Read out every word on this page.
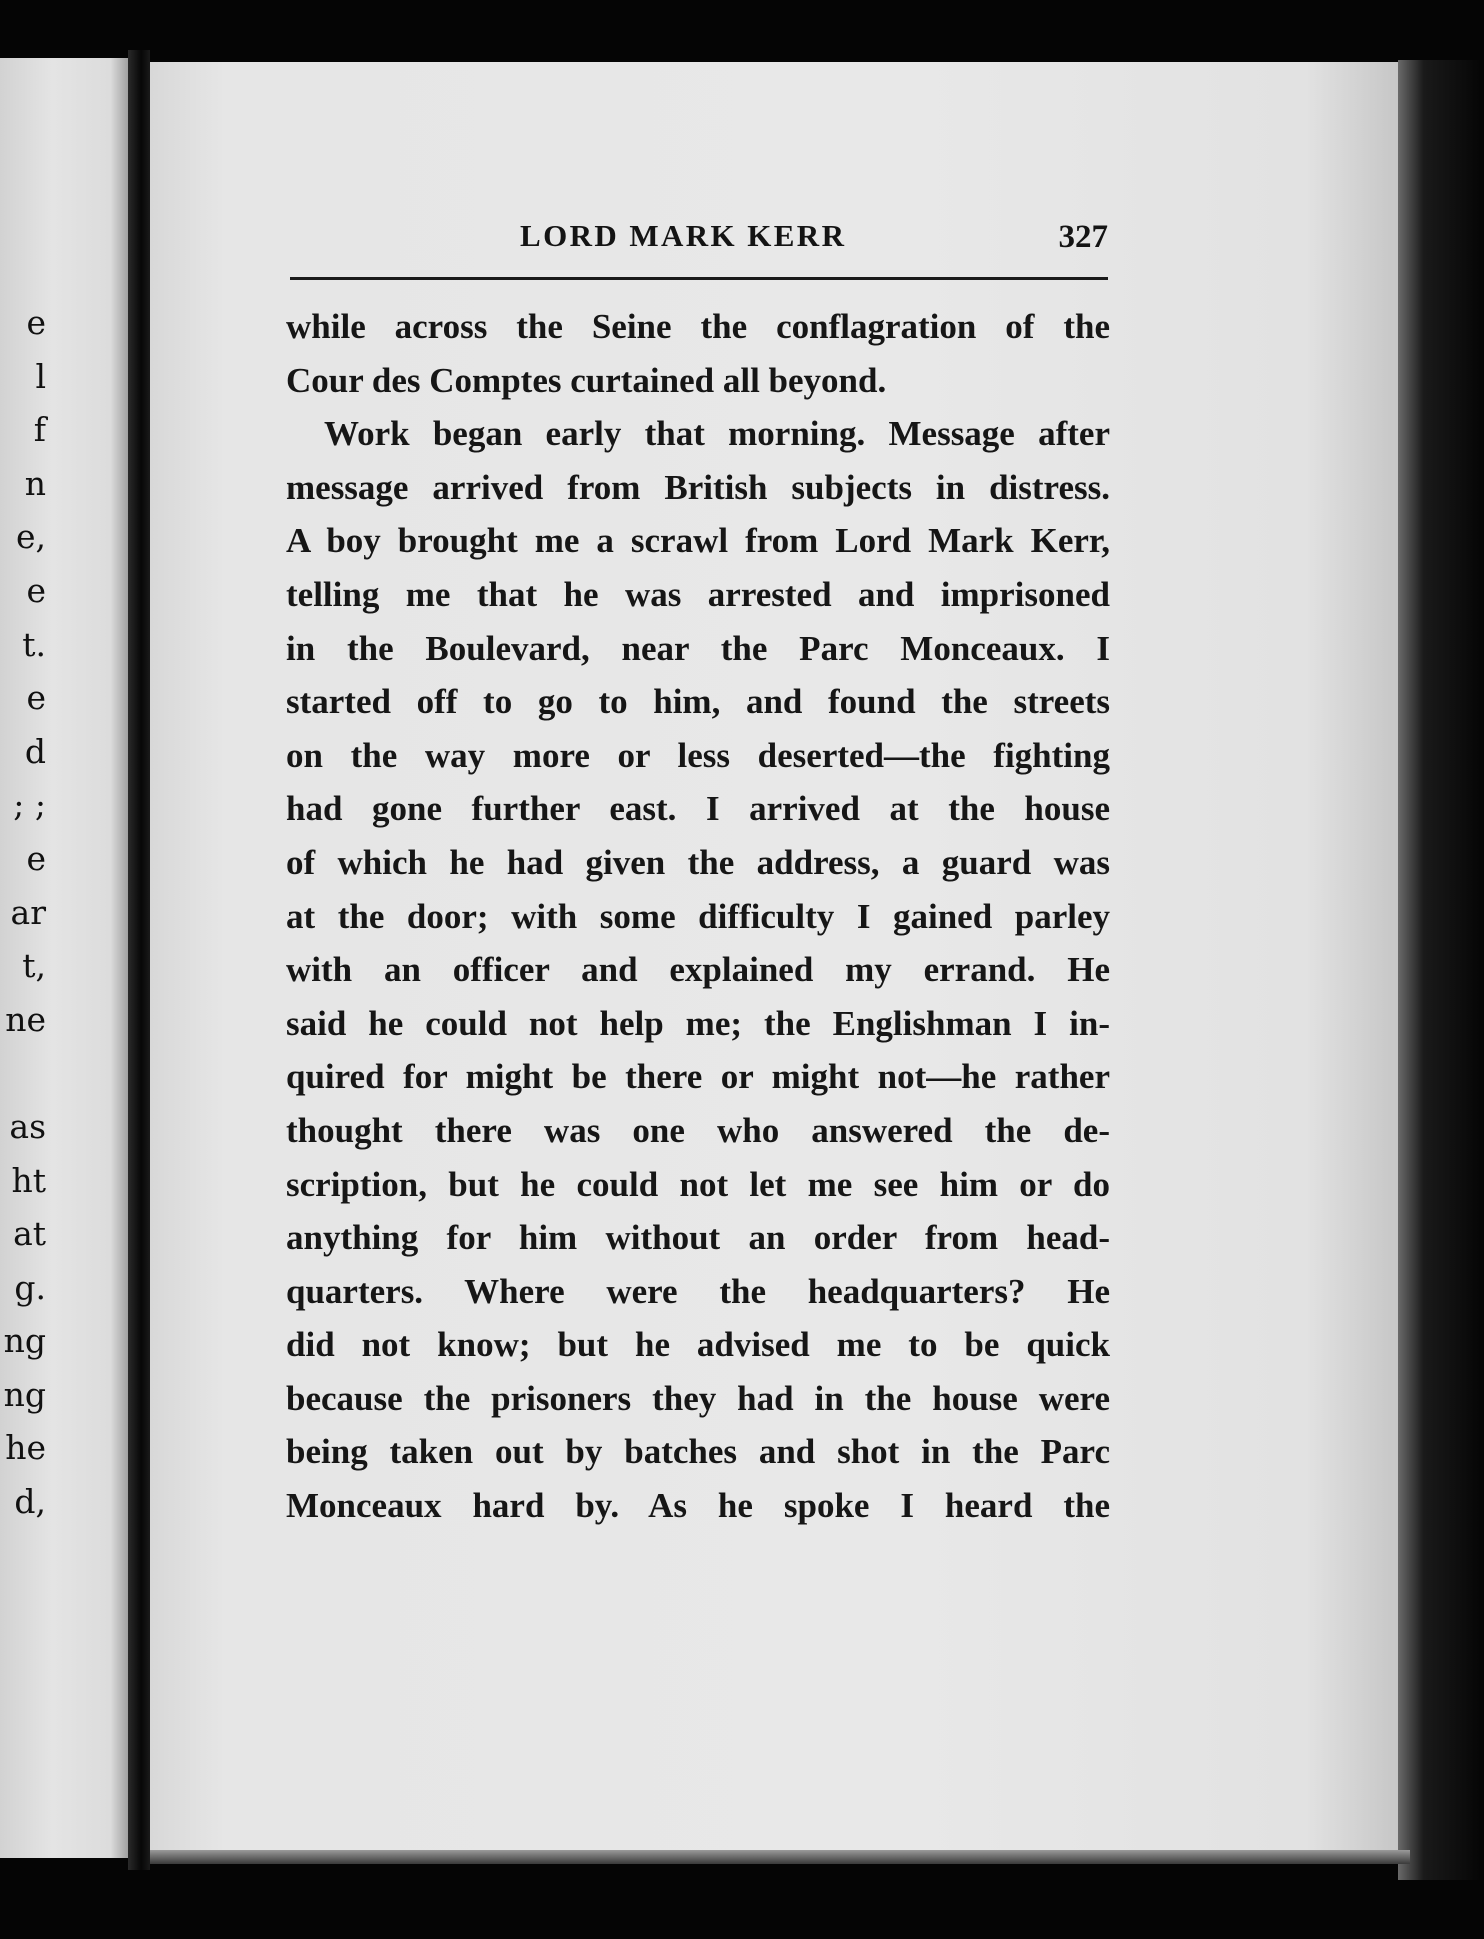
e
l
f
n
e,
e
t.
e
d
; ;
e
ar
t,
ne
as
ht
at
g.
ng
ng
he
d,
LORD MARK KERR	327
while across the Seine the conflagration of the
Cour des Comptes curtained all beyond.
Work began early that morning. Message after
message arrived from British subjects in distress.
A boy brought me a scrawl from Lord Mark Kerr,
telling me that he was arrested and imprisoned
in the Boulevard, near the Parc Monceaux. I
started off to go to him, and found the streets
on the way more or less deserted—the fighting
had gone further east. I arrived at the house
of which he had given the address, a guard was
at the door; with some difficulty I gained parley
with an officer and explained my errand. He
said he could not help me; the Englishman I in-
quired for might be there or might not—he rather
thought there was one who answered the de-
scription, but he could not let me see him or do
anything for him without an order from head-
quarters. Where were the headquarters? He
did not know; but he advised me to be quick
because the prisoners they had in the house were
being taken out by batches and shot in the Parc
Monceaux hard by. As he spoke I heard the
